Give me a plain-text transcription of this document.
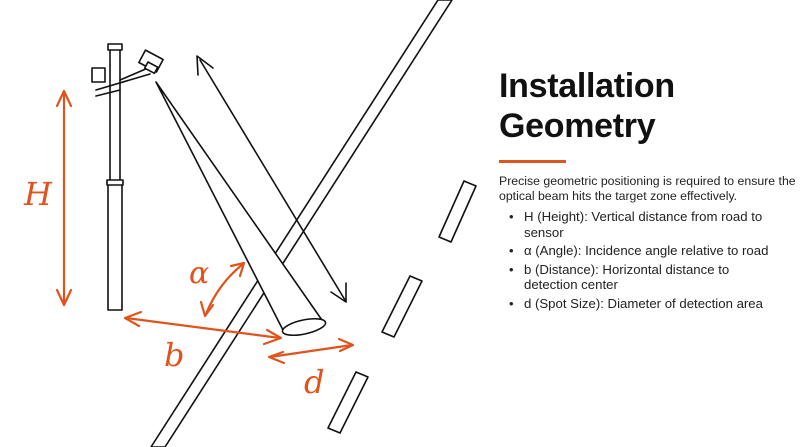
H
α
b
d
Installation Geometry
Precise geometric positioning is required to ensure the optical beam hits the target zone effectively.
• H (Height): Vertical distance from road to sensor
• α (Angle): Incidence angle relative to road
• b (Distance): Horizontal distance to detection center
• d (Spot Size): Diameter of detection area
